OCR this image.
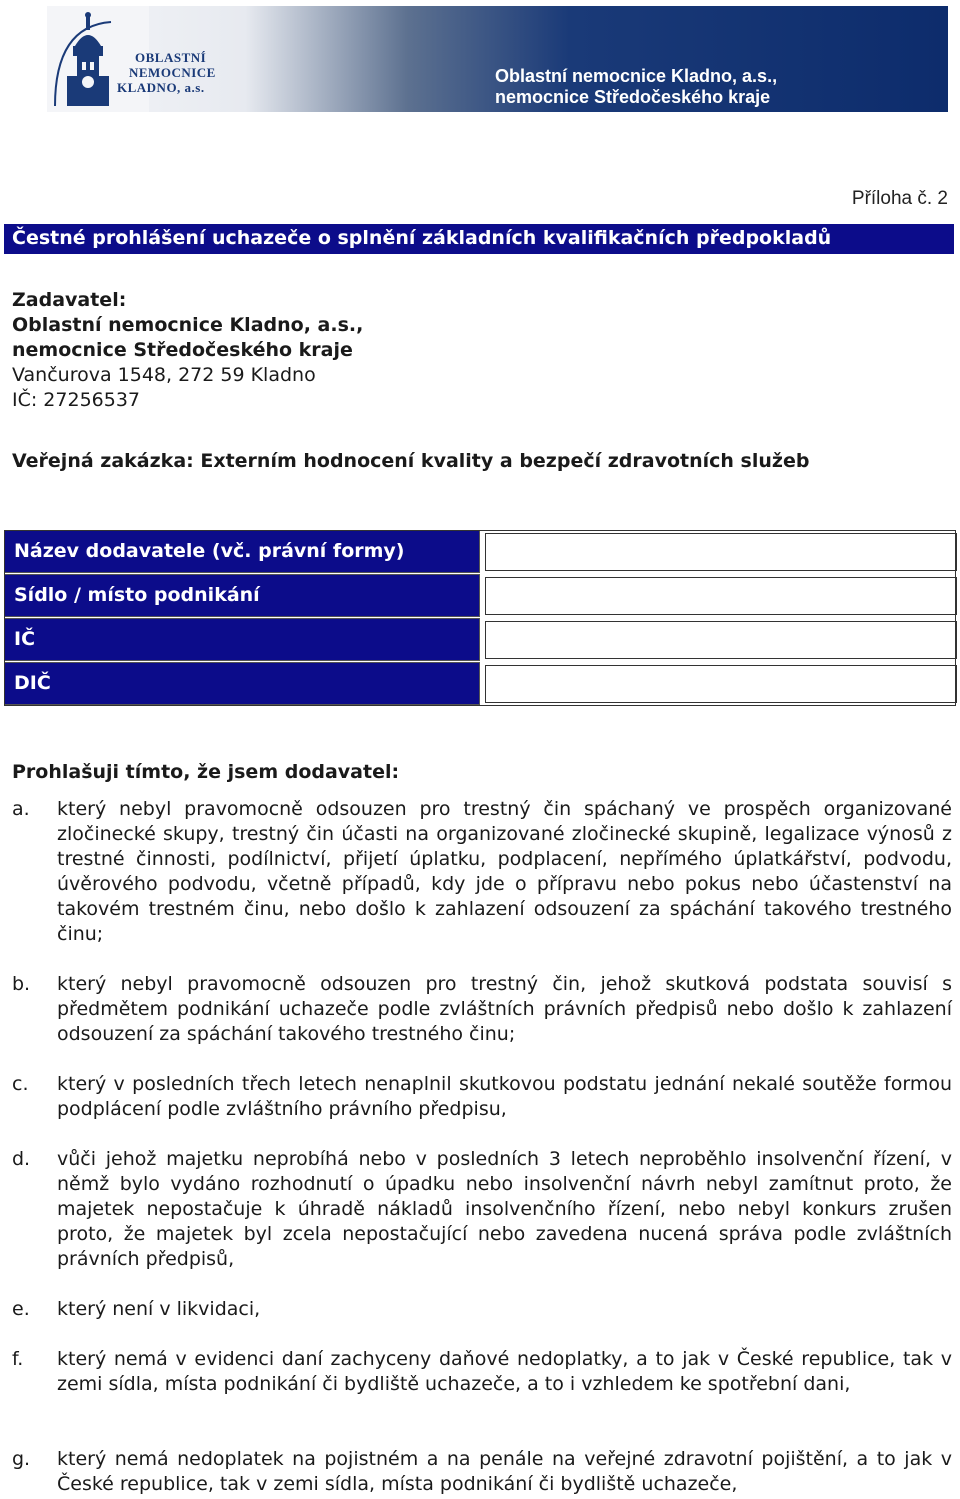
OBLASTNÍ
NEMOCNICE
KLADNO, a.s.
Oblastní nemocnice Kladno, a.s.,
nemocnice Středočeského kraje
Příloha č. 2
Čestné prohlášení uchazeče o splnění základních kvalifikačních předpokladů
Zadavatel:
Oblastní nemocnice Kladno, a.s.,
nemocnice Středočeského kraje
Vančurova 1548, 272 59 Kladno
IČ: 27256537
Veřejná zakázka: Externím hodnocení kvality a bezpečí zdravotních služeb
Název dodavatele (vč. právní formy)
Sídlo / místo podnikání
IČ
DIČ
Prohlašuji tímto, že jsem dodavatel:
a. který nebyl pravomocně odsouzen pro trestný čin spáchaný ve prospěch organizované zločinecké skupy, trestný čin účasti na organizované zločinecké skupině, legalizace výnosů z trestné činnosti, podílnictví, přijetí úplatku, podplacení, nepřímého úplatkářství, podvodu, úvěrového podvodu, včetně případů, kdy jde o přípravu nebo pokus nebo účastenství na takovém trestném činu, nebo došlo k zahlazení odsouzení za spáchání takového trestného činu;
b. který nebyl pravomocně odsouzen pro trestný čin, jehož skutková podstata souvisí s předmětem podnikání uchazeče podle zvláštních právních předpisů nebo došlo k zahlazení odsouzení za spáchání takového trestného činu;
c. který v posledních třech letech nenaplnil skutkovou podstatu jednání nekalé soutěže formou podplácení podle zvláštního právního předpisu,
d. vůči jehož majetku neprobíhá nebo v posledních 3 letech neproběhlo insolvenční řízení, v němž bylo vydáno rozhodnutí o úpadku nebo insolvenční návrh nebyl zamítnut proto, že majetek nepostačuje k úhradě nákladů insolvenčního řízení, nebo nebyl konkurs zrušen proto, že majetek byl zcela nepostačující nebo zavedena nucená správa podle zvláštních právních předpisů,
e. který není v likvidaci,
f. který nemá v evidenci daní zachyceny daňové nedoplatky, a to jak v České republice, tak v zemi sídla, místa podnikání či bydliště uchazeče, a to i vzhledem ke spotřební dani,
g. který nemá nedoplatek na pojistném a na penále na veřejné zdravotní pojištění, a to jak v České republice, tak v zemi sídla, místa podnikání či bydliště uchazeče,
